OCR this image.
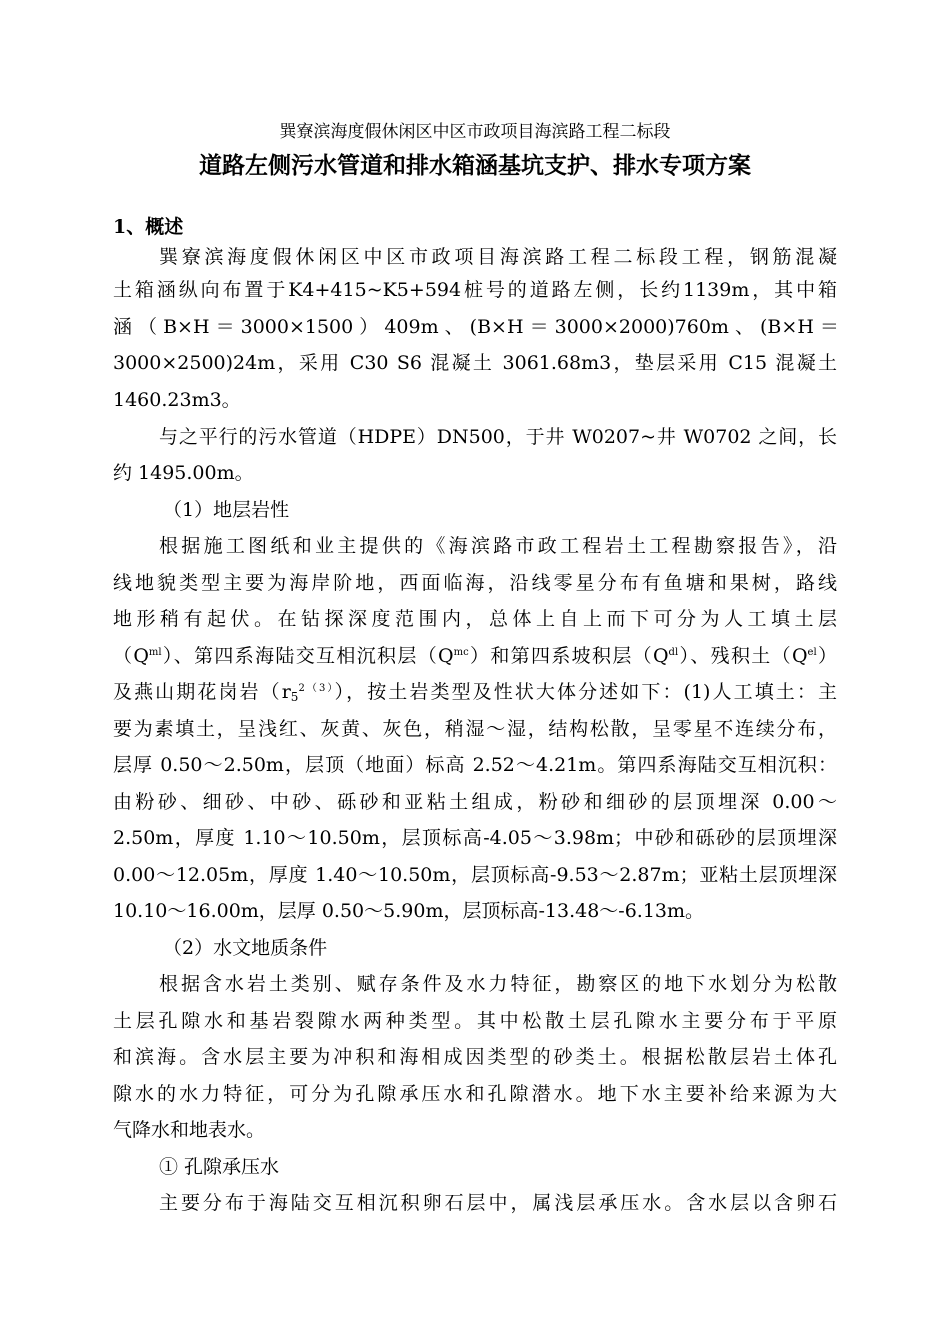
巽寮滨海度假休闲区中区市政项目海滨路工程二标段
道路左侧污水管道和排水箱涵基坑支护、排水专项方案
1、概述
巽寮滨海度假休闲区中区市政项目海滨路工程二标段工程，钢筋混凝
土箱涵纵向布置于K4+415~K5+594桩号的道路左侧，长约1139m，其中箱
涵 （ B×H ＝ 3000×1500 ） 409m 、 (B×H ＝ 3000×2000)760m 、 (B×H ＝
3000×2500)24m，采用 C30 S6 混凝土 3061.68m3，垫层采用 C15 混凝土
1460.23m3。
与之平行的污水管道（HDPE）DN500，于井 W0207~井 W0702 之间，长
约 1495.00m。
（1）地层岩性
根据施工图纸和业主提供的《海滨路市政工程岩土工程勘察报告》，沿
线地貌类型主要为海岸阶地，西面临海，沿线零星分布有鱼塘和果树，路线
地形稍有起伏。在钻探深度范围内，总体上自上而下可分为人工填土层
$(Q^{ml})$、第四系海陆交互相沉积层$(Q^{mc})$和第四系坡积层$(Q^{dl})$、残积土$(Q^{el})$
及燕山期花岗岩$(r_5^{2(3)})$，按土岩类型及性状大体分述如下：(1)人工填土：主
要为素填土，呈浅红、灰黄、灰色，稍湿～湿，结构松散，呈零星不连续分布，
层厚 0.50～2.50m，层顶（地面）标高 2.52～4.21m。第四系海陆交互相沉积：
由粉砂、细砂、中砂、砾砂和亚粘土组成，粉砂和细砂的层顶埋深 0.00～
2.50m，厚度 1.10～10.50m，层顶标高-4.05～3.98m；中砂和砾砂的层顶埋深
0.00～12.05m，厚度 1.40～10.50m，层顶标高-9.53～2.87m；亚粘土层顶埋深
10.10～16.00m，层厚 0.50～5.90m，层顶标高-13.48～-6.13m。
（2）水文地质条件
根据含水岩土类别、赋存条件及水力特征，勘察区的地下水划分为松散
土层孔隙水和基岩裂隙水两种类型。其中松散土层孔隙水主要分布于平原
和滨海。含水层主要为冲积和海相成因类型的砂类土。根据松散层岩土体孔
隙水的水力特征，可分为孔隙承压水和孔隙潜水。地下水主要补给来源为大
气降水和地表水。
① 孔隙承压水
主要分布于海陆交互相沉积卵石层中，属浅层承压水。含水层以含卵石
